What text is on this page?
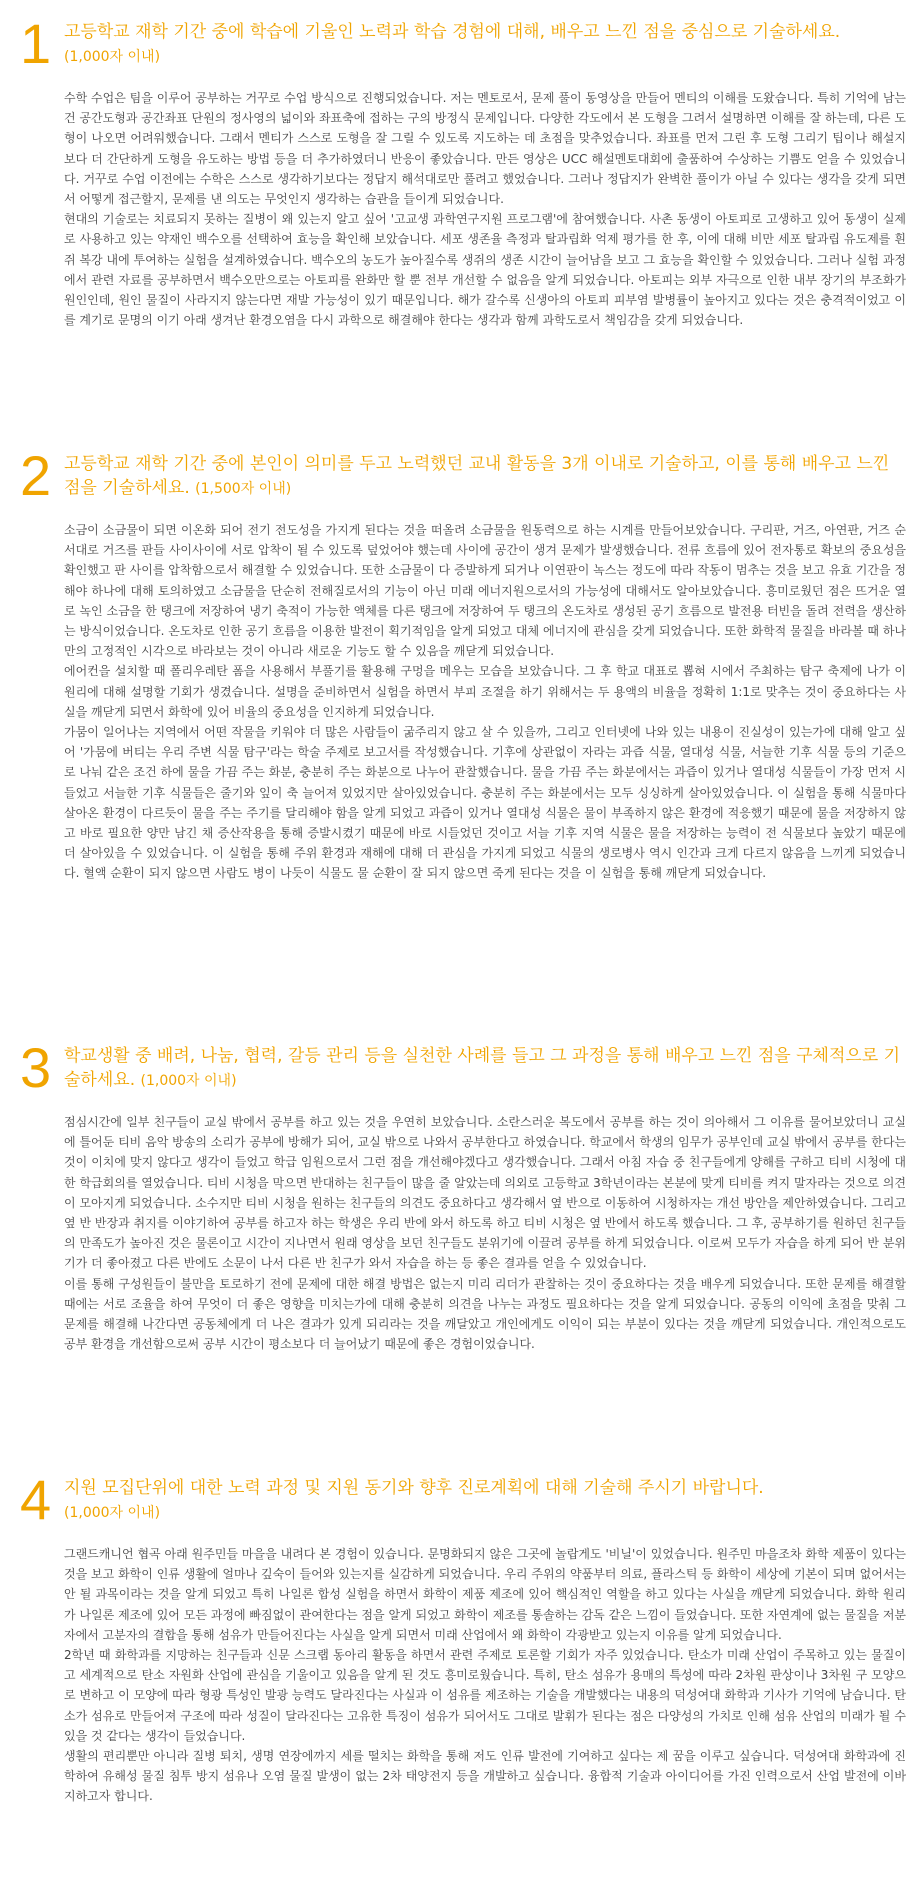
1 고등학교 재학 기간 중에 학습에 기울인 노력과 학습 경험에 대해, 배우고 느낀 점을 중심으로 기술하세요.
(1,000자 이내)

수학 수업은 팀을 이루어 공부하는 거꾸로 수업 방식으로 진행되었습니다. 저는 멘토로서, 문제 풀이 동영상을 만들어 멘티의 이해를 도왔습니다. 특히 기억에 남는 건 공간도형과 공간좌표 단원의 정사영의 넓이와 좌표축에 접하는 구의 방정식 문제입니다. 다양한 각도에서 본 도형을 그려서 설명하면 이해를 잘 하는데, 다른 도형이 나오면 어려워했습니다. 그래서 멘티가 스스로 도형을 잘 그릴 수 있도록 지도하는 데 초점을 맞추었습니다. 좌표를 먼저 그린 후 도형 그리기 팁이나 해설지보다 더 간단하게 도형을 유도하는 방법 등을 더 추가하였더니 반응이 좋았습니다. 만든 영상은 UCC 해설멘토대회에 출품하여 수상하는 기쁨도 얻을 수 있었습니다. 거꾸로 수업 이전에는 수학은 스스로 생각하기보다는 정답지 해석대로만 풀려고 했었습니다. 그러나 정답지가 완벽한 풀이가 아닐 수 있다는 생각을 갖게 되면서 어떻게 접근할지, 문제를 낸 의도는 무엇인지 생각하는 습관을 들이게 되었습니다.

현대의 기술로는 치료되지 못하는 질병이 왜 있는지 알고 싶어 '고교생 과학연구지원 프로그램'에 참여했습니다. 사촌 동생이 아토피로 고생하고 있어 동생이 실제로 사용하고 있는 약재인 백수오를 선택하여 효능을 확인해 보았습니다. 세포 생존율 측정과 탈과립화 억제 평가를 한 후, 이에 대해 비만 세포 탈과립 유도제를 흰 쥐 복강 내에 투여하는 실험을 설계하였습니다. 백수오의 농도가 높아질수록 생쥐의 생존 시간이 늘어남을 보고 그 효능을 확인할 수 있었습니다. 그러나 실험 과정에서 관련 자료를 공부하면서 백수오만으로는 아토피를 완화만 할 뿐 전부 개선할 수 없음을 알게 되었습니다. 아토피는 외부 자극으로 인한 내부 장기의 부조화가 원인인데, 원인 물질이 사라지지 않는다면 재발 가능성이 있기 때문입니다. 해가 갈수록 신생아의 아토피 피부염 발병률이 높아지고 있다는 것은 충격적이었고 이를 계기로 문명의 이기 아래 생겨난 환경오염을 다시 과학으로 해결해야 한다는 생각과 함께 과학도로서 책임감을 갖게 되었습니다.

2 고등학교 재학 기간 중에 본인이 의미를 두고 노력했던 교내 활동을 3개 이내로 기술하고, 이를 통해 배우고 느낀 점을 기술하세요. (1,500자 이내)

소금이 소금물이 되면 이온화 되어 전기 전도성을 가지게 된다는 것을 떠올려 소금물을 원동력으로 하는 시계를 만들어보았습니다. 구리판, 거즈, 아연판, 거즈 순서대로 거즈를 판들 사이사이에 서로 압착이 될 수 있도록 덮었어야 했는데 사이에 공간이 생겨 문제가 발생했습니다. 전류 흐름에 있어 전자통로 확보의 중요성을 확인했고 판 사이를 압착함으로서 해결할 수 있었습니다. 또한 소금물이 다 증발하게 되거나 이연판이 녹스는 정도에 따라 작동이 멈추는 것을 보고 유효 기간을 정해야 하나에 대해 토의하였고 소금물을 단순히 전해질로서의 기능이 아닌 미래 에너지원으로서의 가능성에 대해서도 알아보았습니다. 흥미로웠던 점은 뜨거운 열로 녹인 소금을 한 탱크에 저장하여 냉기 축적이 가능한 액체를 다른 탱크에 저장하여 두 탱크의 온도차로 생성된 공기 흐름으로 발전용 터빈을 돌려 전력을 생산하는 방식이었습니다. 온도차로 인한 공기 흐름을 이용한 발전이 획기적임을 알게 되었고 대체 에너지에 관심을 갖게 되었습니다. 또한 화학적 물질을 바라볼 때 하나만의 고정적인 시각으로 바라보는 것이 아니라 새로운 기능도 할 수 있음을 깨닫게 되었습니다.

에어컨을 설치할 때 폴리우레탄 폼을 사용해서 부풀기를 활용해 구멍을 메우는 모습을 보았습니다. 그 후 학교 대표로 뽑혀 시에서 주최하는 탐구 축제에 나가 이 원리에 대해 설명할 기회가 생겼습니다. 설명을 준비하면서 실험을 하면서 부피 조절을 하기 위해서는 두 용액의 비율을 정확히 1:1로 맞추는 것이 중요하다는 사실을 깨닫게 되면서 화학에 있어 비율의 중요성을 인지하게 되었습니다.

가뭄이 일어나는 지역에서 어떤 작물을 키워야 더 많은 사람들이 굶주리지 않고 살 수 있을까, 그리고 인터넷에 나와 있는 내용이 진실성이 있는가에 대해 알고 싶어 '가뭄에 버티는 우리 주변 식물 탐구'라는 학술 주제로 보고서를 작성했습니다. 기후에 상관없이 자라는 과즙 식물, 열대성 식물, 서늘한 기후 식물 등의 기준으로 나눠 같은 조건 하에 물을 가끔 주는 화분, 충분히 주는 화분으로 나누어 관찰했습니다. 물을 가끔 주는 화분에서는 과즙이 있거나 열대성 식물들이 가장 먼저 시들었고 서늘한 기후 식물들은 줄기와 잎이 축 늘어져 있었지만 살아있었습니다. 충분히 주는 화분에서는 모두 싱싱하게 살아있었습니다. 이 실험을 통해 식물마다 살아온 환경이 다르듯이 물을 주는 주기를 달리해야 함을 알게 되었고 과즙이 있거나 열대성 식물은 물이 부족하지 않은 환경에 적응했기 때문에 물을 저장하지 않고 바로 필요한 양만 남긴 채 증산작용을 통해 증발시켰기 때문에 바로 시들었던 것이고 서늘 기후 지역 식물은 물을 저장하는 능력이 전 식물보다 높았기 때문에 더 살아있을 수 있었습니다. 이 실험을 통해 주위 환경과 재해에 대해 더 관심을 가지게 되었고 식물의 생로병사 역시 인간과 크게 다르지 않음을 느끼게 되었습니다. 혈액 순환이 되지 않으면 사람도 병이 나듯이 식물도 물 순환이 잘 되지 않으면 죽게 된다는 것을 이 실험을 통해 깨닫게 되었습니다.

3 학교생활 중 배려, 나눔, 협력, 갈등 관리 등을 실천한 사례를 들고 그 과정을 통해 배우고 느낀 점을 구체적으로 기술하세요. (1,000자 이내)

점심시간에 일부 친구들이 교실 밖에서 공부를 하고 있는 것을 우연히 보았습니다. 소란스러운 복도에서 공부를 하는 것이 의아해서 그 이유를 물어보았더니 교실에 틀어둔 티비 음악 방송의 소리가 공부에 방해가 되어, 교실 밖으로 나와서 공부한다고 하였습니다. 학교에서 학생의 임무가 공부인데 교실 밖에서 공부를 한다는 것이 이치에 맞지 않다고 생각이 들었고 학급 임원으로서 그런 점을 개선해야겠다고 생각했습니다. 그래서 아침 자습 중 친구들에게 양해를 구하고 티비 시청에 대한 학급회의를 열었습니다. 티비 시청을 막으면 반대하는 친구들이 많을 줄 알았는데 의외로 고등학교 3학년이라는 본분에 맞게 티비를 켜지 말자라는 것으로 의견이 모아지게 되었습니다. 소수지만 티비 시청을 원하는 친구들의 의견도 중요하다고 생각해서 옆 반으로 이동하여 시청하자는 개선 방안을 제안하였습니다. 그리고 옆 반 반장과 취지를 이야기하여 공부를 하고자 하는 학생은 우리 반에 와서 하도록 하고 티비 시청은 옆 반에서 하도록 했습니다. 그 후, 공부하기를 원하던 친구들의 만족도가 높아진 것은 물론이고 시간이 지나면서 원래 영상을 보던 친구들도 분위기에 이끌려 공부를 하게 되었습니다. 이로써 모두가 자습을 하게 되어 반 분위기가 더 좋아졌고 다른 반에도 소문이 나서 다른 반 친구가 와서 자습을 하는 등 좋은 결과를 얻을 수 있었습니다.

이를 통해 구성원들이 불만을 토로하기 전에 문제에 대한 해결 방법은 없는지 미리 리더가 관찰하는 것이 중요하다는 것을 배우게 되었습니다. 또한 문제를 해결할 때에는 서로 조율을 하여 무엇이 더 좋은 영향을 미치는가에 대해 충분히 의견을 나누는 과정도 필요하다는 것을 알게 되었습니다. 공동의 이익에 초점을 맞춰 그 문제를 해결해 나간다면 공동체에게 더 나은 결과가 있게 되리라는 것을 깨달았고 개인에게도 이익이 되는 부분이 있다는 것을 깨닫게 되었습니다. 개인적으로도 공부 환경을 개선함으로써 공부 시간이 평소보다 더 늘어났기 때문에 좋은 경험이었습니다.

4 지원 모집단위에 대한 노력 과정 및 지원 동기와 향후 진로계획에 대해 기술해 주시기 바랍니다.
(1,000자 이내)

그랜드캐니언 협곡 아래 원주민들 마을을 내려다 본 경험이 있습니다. 문명화되지 않은 그곳에 놀랍게도 '비닐'이 있었습니다. 원주민 마을조차 화학 제품이 있다는 것을 보고 화학이 인류 생활에 얼마나 깊숙이 들어와 있는지를 실감하게 되었습니다. 우리 주위의 약품부터 의료, 플라스틱 등 화학이 세상에 기본이 되며 없어서는 안 될 과목이라는 것을 알게 되었고 특히 나일론 합성 실험을 하면서 화학이 제품 제조에 있어 핵심적인 역할을 하고 있다는 사실을 깨닫게 되었습니다. 화학 원리가 나일론 제조에 있어 모든 과정에 빠짐없이 관여한다는 점을 알게 되었고 화학이 제조를 통솔하는 감독 같은 느낌이 들었습니다. 또한 자연계에 없는 물질을 저분자에서 고분자의 결합을 통해 섬유가 만들어진다는 사실을 알게 되면서 미래 산업에서 왜 화학이 각광받고 있는지 이유를 알게 되었습니다.

2학년 때 화학과를 지망하는 친구들과 신문 스크랩 동아리 활동을 하면서 관련 주제로 토론할 기회가 자주 있었습니다. 탄소가 미래 산업이 주목하고 있는 물질이고 세계적으로 탄소 자원화 산업에 관심을 기울이고 있음을 알게 된 것도 흥미로웠습니다. 특히, 탄소 섬유가 용매의 특성에 따라 2차원 판상이나 3차원 구 모양으로 변하고 이 모양에 따라 형광 특성인 발광 능력도 달라진다는 사실과 이 섬유를 제조하는 기술을 개발했다는 내용의 덕성여대 화학과 기사가 기억에 남습니다. 탄소가 섬유로 만들어져 구조에 따라 성질이 달라진다는 고유한 특징이 섬유가 되어서도 그대로 발휘가 된다는 점은 다양성의 가치로 인해 섬유 산업의 미래가 될 수 있을 것 같다는 생각이 들었습니다.

생활의 편리뿐만 아니라 질병 퇴치, 생명 연장에까지 세를 떨치는 화학을 통해 저도 인류 발전에 기여하고 싶다는 제 꿈을 이루고 싶습니다. 덕성여대 화학과에 진학하여 유해성 물질 침투 방지 섬유나 오염 물질 발생이 없는 2차 태양전지 등을 개발하고 싶습니다. 융합적 기술과 아이디어를 가진 인력으로서 산업 발전에 이바지하고자 합니다.
